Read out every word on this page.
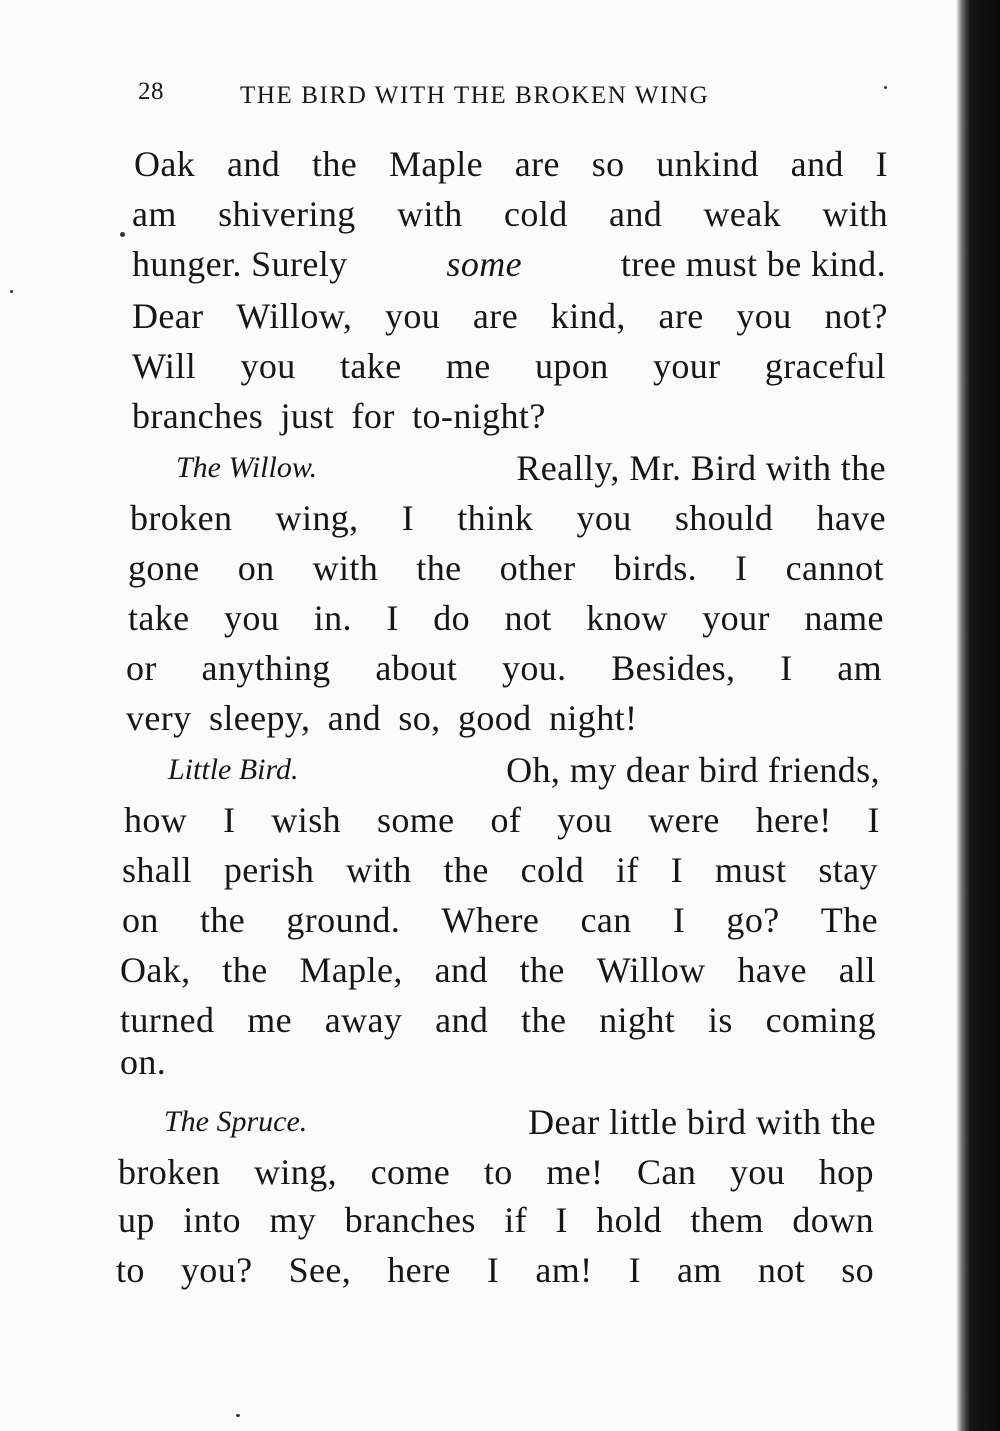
28	THE BIRD WITH THE BROKEN WING
Oak and the Maple are so unkind and I
am shivering with cold and weak with
hunger. Surely	some	tree must be kind.
Dear Willow, you are kind, are you not?
Will you take me upon your graceful
branches just for to-night?
The Willow.	Really, Mr. Bird with the
broken wing, I think you should have
gone on with the other birds. I cannot
take you in. I do not know your name
or anything about you. Besides, I am
very sleepy, and so, good night!
Little Bird.	Oh, my dear bird friends,
how I wish some of you were here! I
shall perish with the cold if I must stay
on the ground. Where can I go? The
Oak, the Maple, and the Willow have all
turned me away and the night is coming
on.
The Spruce.	Dear little bird with the
broken wing, come to me! Can you hop
up into my branches if I hold them down
to you? See, here I am! I am not so
